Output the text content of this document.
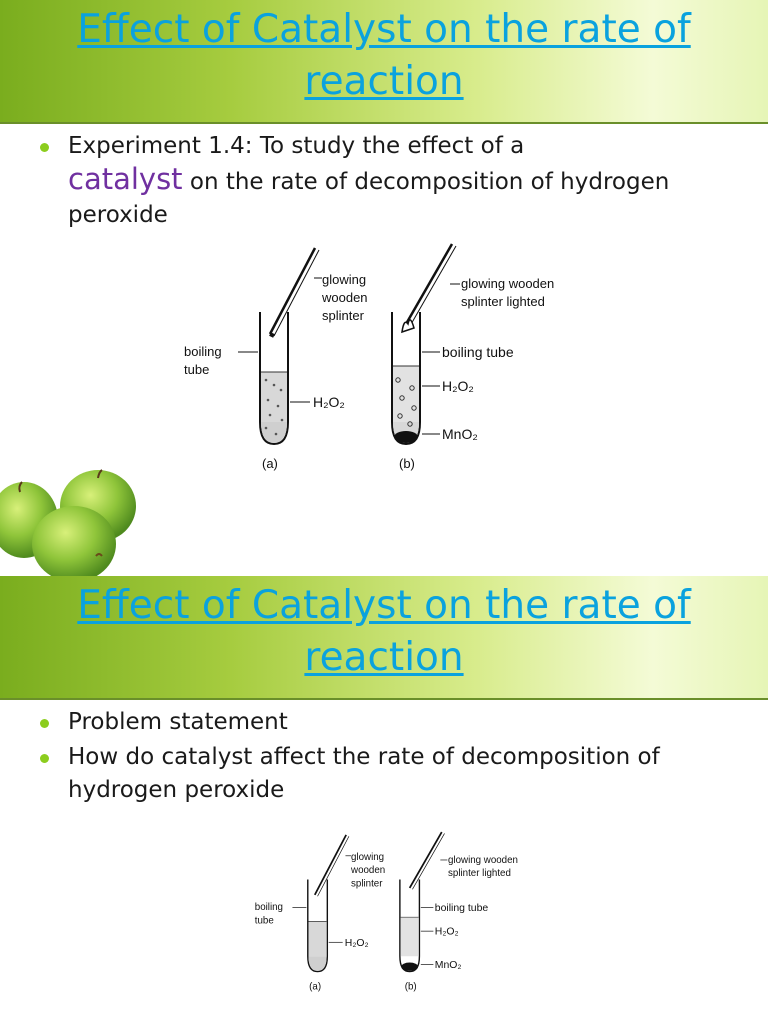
Effect of Catalyst on the rate of reaction
Experiment 1.4: To study the effect of a
catalyst on the rate of decomposition of hydrogen peroxide
glowing
wooden
splinter
boiling
tube
H₂O₂
(a)
glowing wooden
splinter lighted
boiling tube
H₂O₂
MnO₂
(b)
Effect of Catalyst on the rate of reaction
Problem statement
How do catalyst affect the rate of decomposition of hydrogen peroxide
glowing
wooden
splinter
boiling
tube
H₂O₂
(a)
glowing wooden
splinter lighted
boiling tube
H₂O₂
MnO₂
(b)
